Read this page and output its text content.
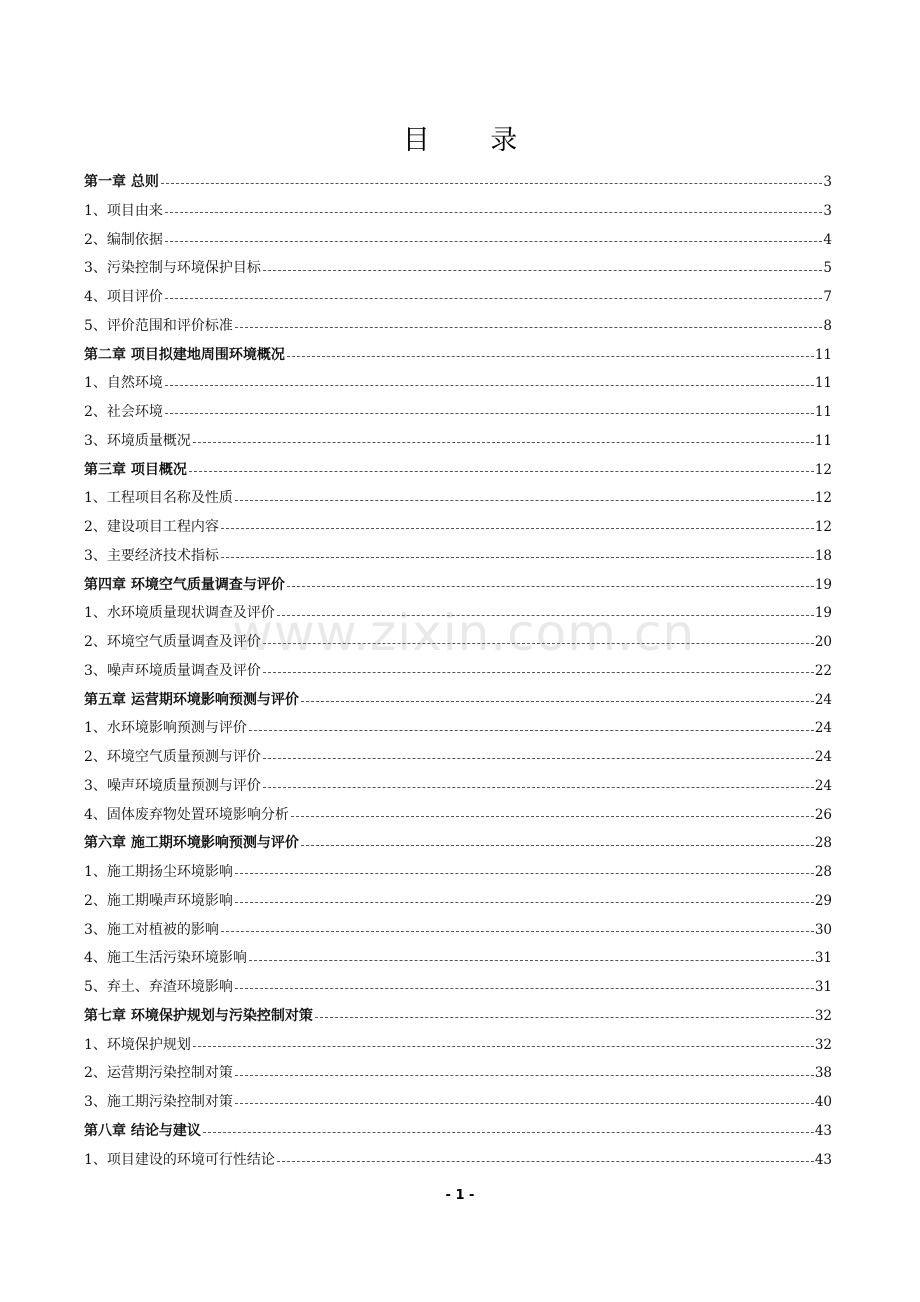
目 录
第一章 总则	3
1、项目由来	3
2、编制依据	4
3、污染控制与环境保护目标	5
4、项目评价	7
5、评价范围和评价标准	8
第二章 项目拟建地周围环境概况	11
1、自然环境	11
2、社会环境	11
3、环境质量概况	11
第三章 项目概况	12
1、工程项目名称及性质	12
2、建设项目工程内容	12
3、主要经济技术指标	18
第四章 环境空气质量调查与评价	19
1、水环境质量现状调查及评价	19
2、环境空气质量调查及评价	20
3、噪声环境质量调查及评价	22
第五章 运营期环境影响预测与评价	24
1、水环境影响预测与评价	24
2、环境空气质量预测与评价	24
3、噪声环境质量预测与评价	24
4、固体废弃物处置环境影响分析	26
第六章 施工期环境影响预测与评价	28
1、施工期扬尘环境影响	28
2、施工期噪声环境影响	29
3、施工对植被的影响	30
4、施工生活污染环境影响	31
5、弃土、弃渣环境影响	31
第七章 环境保护规划与污染控制对策	32
1、环境保护规划	32
2、运营期污染控制对策	38
3、施工期污染控制对策	40
第八章 结论与建议	43
1、项目建设的环境可行性结论	43
www.zixin.com.cn
- 1 -
